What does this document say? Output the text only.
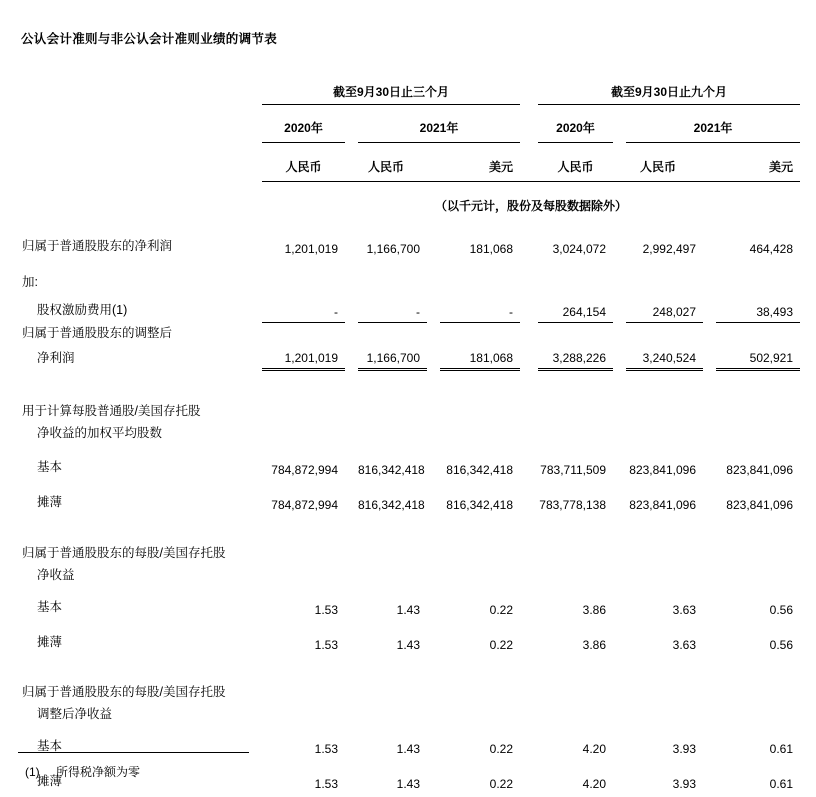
公认会计准则与非公认会计准则业绩的调节表
	截至9月30日止三个月				截至9月30日止九个月		
	2020年	2021年			2020年	2021年	

	人民币	人民币	美元		人民币	人民币	美元
	（以千元计，股份及每股数据除外）						
归属于普通股股东的净利润	1,201,019	1,166,700	181,068		3,024,072	2,992,497	464,428

加:							
股权激励费用(1)	-	-	-		264,154	248,027	38,493

归属于普通股股东的调整后							
净利润	1,201,019	1,166,700	181,068		3,288,226	3,240,524	502,921

用于计算每股普通股/美国存托股							
净收益的加权平均股数							
基本	784,872,994	816,342,418	816,342,418		783,711,509	823,841,096	823,841,096

摊薄	784,872,994	816,342,418	816,342,418		783,778,138	823,841,096	823,841,096

归属于普通股股东的每股/美国存托股							
净收益							
基本	1.53	1.43	0.22		3.86	3.63	0.56

摊薄	1.53	1.43	0.22		3.86	3.63	0.56

归属于普通股股东的每股/美国存托股							
调整后净收益							
基本	1.53	1.43	0.22		4.20	3.93	0.61

摊薄	1.53	1.43	0.22		4.20	3.93	0.61
(1) 所得税净额为零
